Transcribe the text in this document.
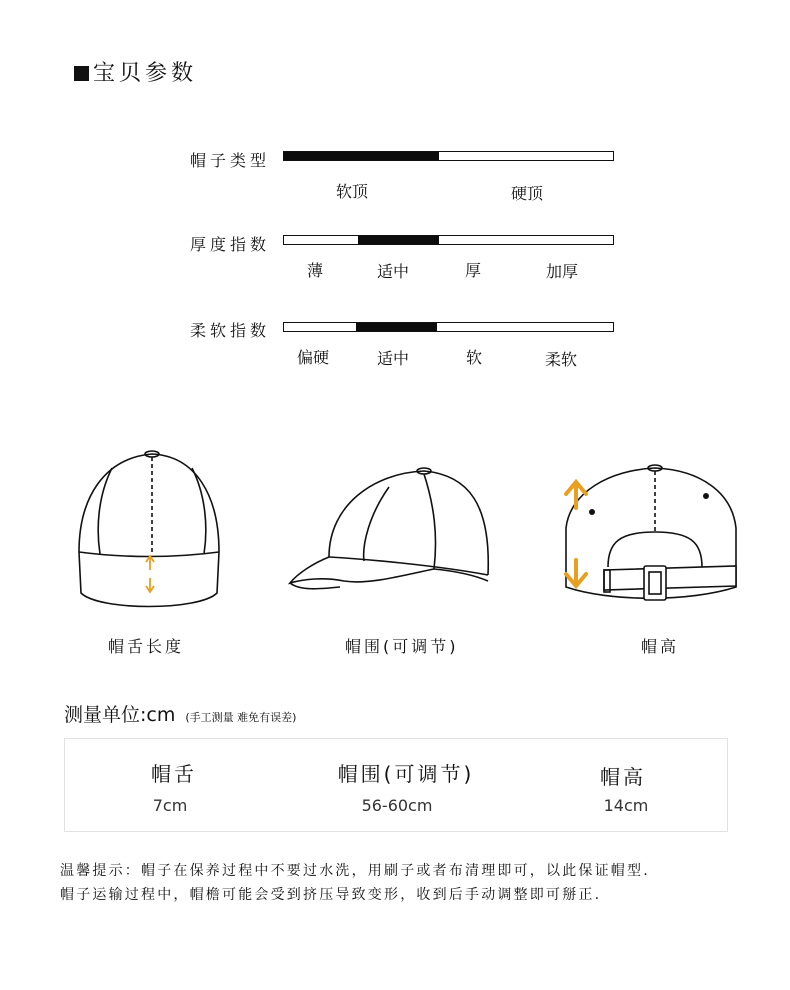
宝贝参数
帽子类型
软顶	硬顶
厚度指数
薄	适中	厚	加厚
柔软指数
偏硬	适中	软	柔软
帽舌长度	帽围(可调节)	帽高
测量单位:cm (手工测量 难免有误差)
帽舌	帽围(可调节)	帽高
7cm	56-60cm	14cm
温馨提示：帽子在保养过程中不要过水洗，用刷子或者布清理即可，以此保证帽型.
帽子运输过程中，帽檐可能会受到挤压导致变形，收到后手动调整即可掰正.
